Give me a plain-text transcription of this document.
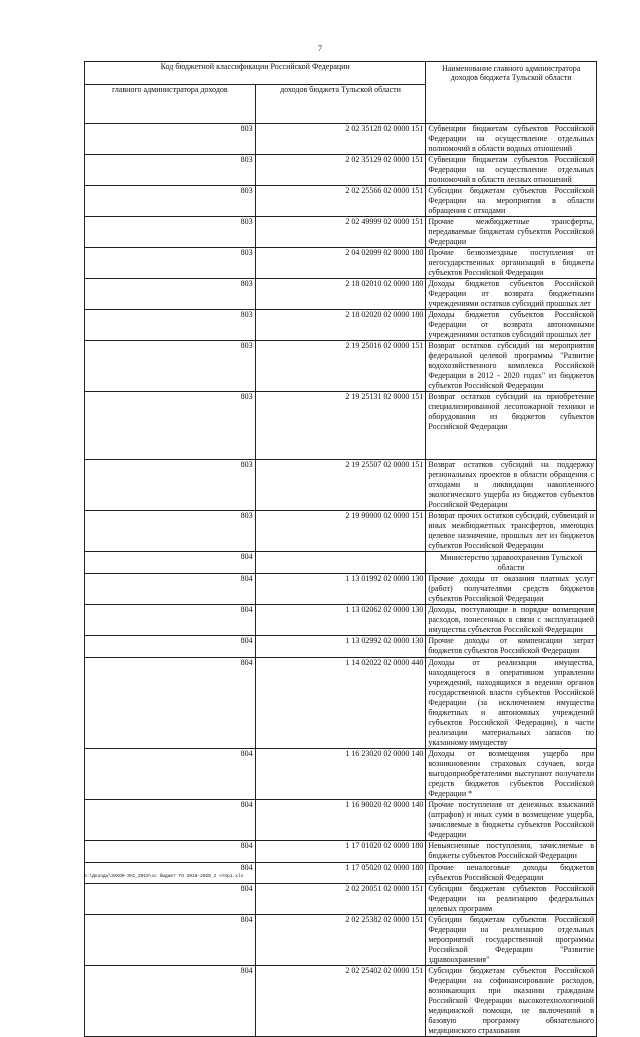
7
Код бюджетной классификации Российской Федерации		Наименование главного администратора доходов бюджета Тульской области
главного администратора доходов	доходов бюджета Тульской области	
803	2 02 35128 02 0000 151	Субвенции бюджетам субъектов Российской Федерации на осуществление отдельных полномочий в области водных отношений
803	2 02 35129 02 0000 151	Субвенции бюджетам субъектов Российской Федерации на осуществление отдельных полномочий в области лесных отношений
803	2 02 25566 02 0000 151	Субсидии бюджетам субъектов Российской Федерации на мероприятия в области обращения с отходами
803	2 02 49999 02 0000 151	Прочие межбюджетные трансферты, передаваемые бюджетам субъектов Российской Федерации
803	2 04 02099 02 0000 180	Прочие безвозмездные поступления от негосударственных организаций в бюджеты субъектов Российской Федерации
803	2 18 02010 02 0000 180	Доходы бюджетов субъектов Российской Федерации от возврата бюджетными учреждениями остатков субсидий прошлых лет
803	2 18 02020 02 0000 180	Доходы бюджетов субъектов Российской Федерации от возврата автономными учреждениями остатков субсидий прошлых лет
803	2 19 25016 02 0000 151	Возврат остатков субсидий на мероприятия федеральной целевой программы "Развитие водохозяйственного комплекса Российской Федерации в 2012 - 2020 годах" из бюджетов субъектов Российской Федерации
803	2 19 25131 02 0000 151	Возврат остатков субсидий на приобретение специализированной лесопожарной техники и оборудования из бюджетов субъектов Российской Федерации
803	2 19 25507 02 0000 151	Возврат остатков субсидий на поддержку региональных проектов в области обращения с отходами и ликвидации накопленного экологического ущерба из бюджетов субъектов Российской Федерации
803	2 19 90000 02 0000 151	Возврат прочих остатков субсидий, субвенций и иных межбюджетных трансфертов, имеющих целевое назначение, прошлых лет из бюджетов субъектов Российской Федерации
804		Министерство здравоохранения Тульской области
804	1 13 01992 02 0000 130	Прочие доходы от оказания платных услуг (работ) получателями средств бюджетов субъектов Российской Федерации
804	1 13 02062 02 0000 130	Доходы, поступающие в порядке возмещения расходов, понесенных в связи с эксплуатацией имущества субъектов Российской Федерации
804	1 13 02992 02 0000 130	Прочие доходы от компенсации затрат бюджетов субъектов Российской Федерации
804	1 14 02022 02 0000 440	Доходы от реализации имущества, находящегося в оперативном управлении учреждений, находящихся в ведении органов государственной власти субъектов Российской Федерации (за исключением имущества бюджетных и автономных учреждений субъектов Российской Федерации), в части реализации материальных запасов по указанному имуществу
804	1 16 23020 02 0000 140	Доходы от возмещения ущерба при возникновении страховых случаев, когда выгодоприобретателями выступают получатели средств бюджетов субъектов Российской Федерации *
804	1 16 90020 02 0000 140	Прочие поступления от денежных взысканий (штрафов) и иных сумм в возмещение ущерба, зачисляемые в бюджеты субъектов Российской Федерации
804	1 17 01020 02 0000 180	Невыясненные поступления, зачисляемые в бюджеты субъектов Российской Федерации
804	1 17 05020 02 0000 180	Прочие неналоговые доходы бюджетов субъектов Российской Федерации
804	2 02 20051 02 0000 151	Субсидии бюджетам субъектов Российской Федерации на реализацию федеральных целевых программ
804	2 02 25382 02 0000 151	Субсидии бюджетам субъектов Российской Федерации на реализацию отдельных мероприятий государственной программы Российской Федерации "Развитие здравоохранения"
804	2 02 25402 02 0000 151	Субсидии бюджетам субъектов Российской Федерации на софинансирование расходов, возникающих при оказании гражданам Российской Федерации высокотехнологичной медицинской помощи, не включенной в базовую программу обязательного медицинского страхования
G:\Доходы\ЗАКОН-ЗАС_2019\ос бюджет ТО 2018-2020_2 чтпр1.xls
